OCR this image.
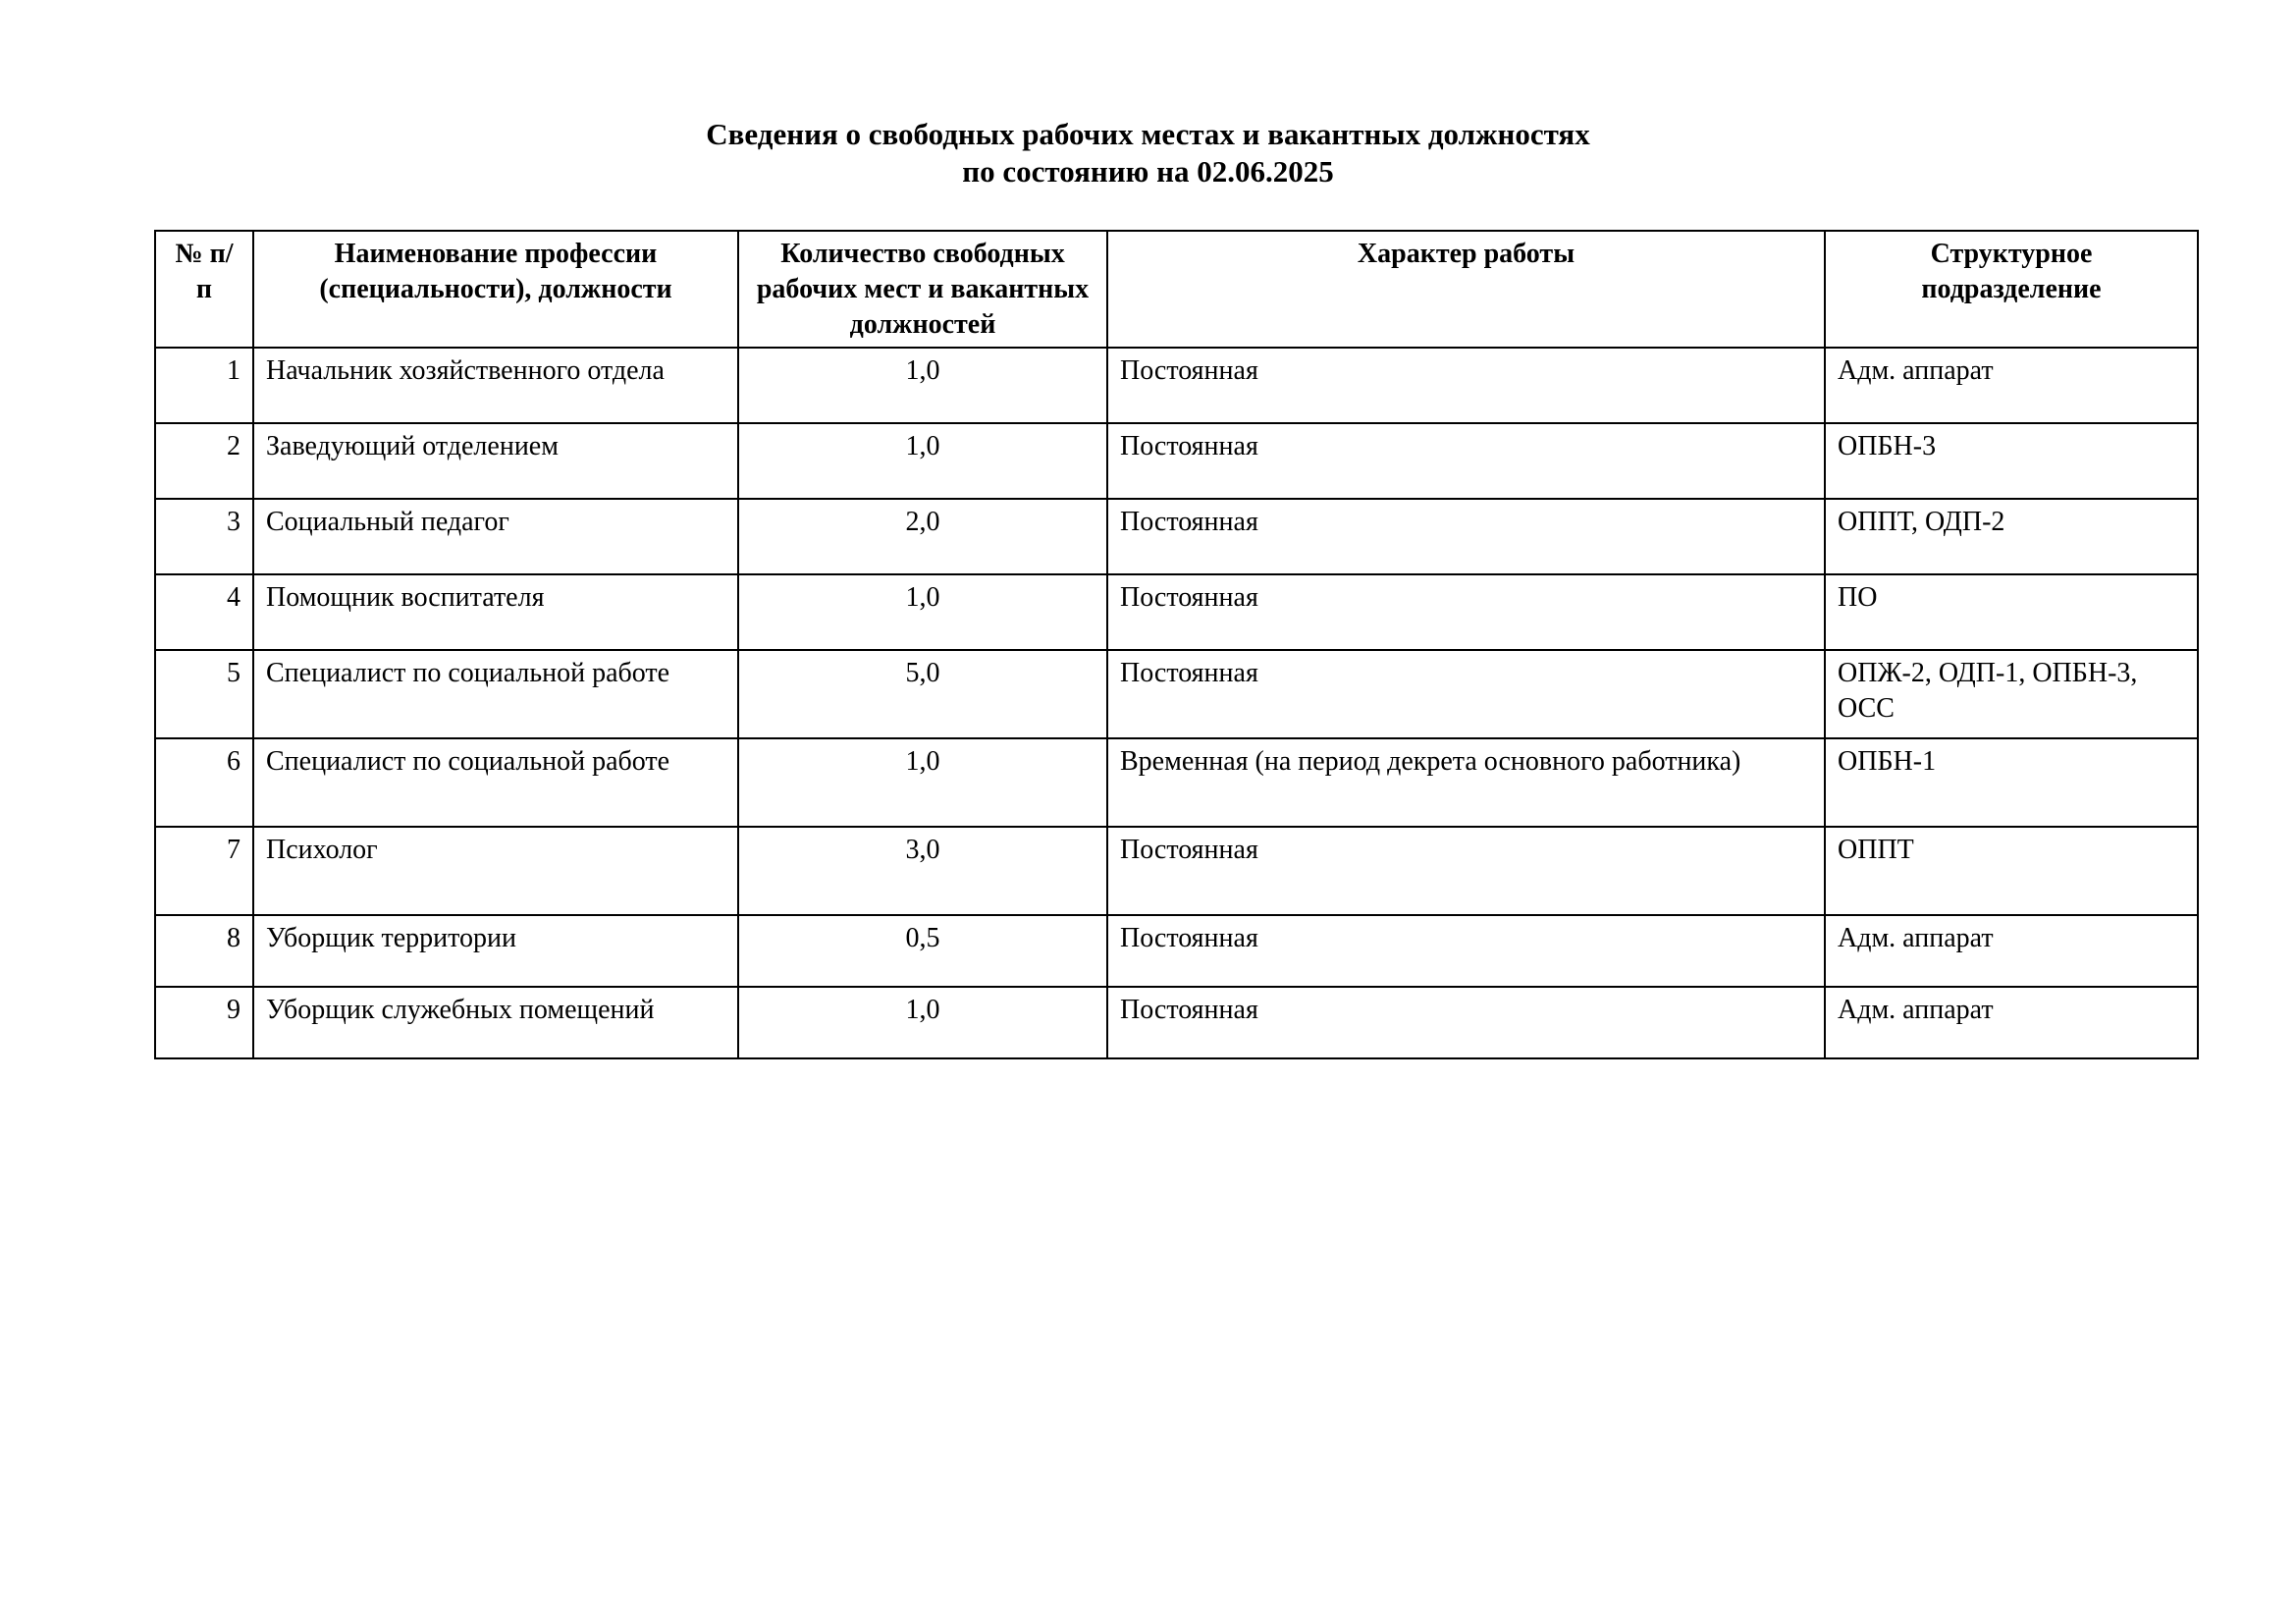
Сведения о свободных рабочих местах и вакантных должностях
по состоянию на 02.06.2025
№ п/п	Наименование профессии (специальности), должности	Количество свободных рабочих мест и вакантных должностей	Характер работы	Структурное подразделение
1	Начальник хозяйственного отдела	1,0	Постоянная	Адм. аппарат
2	Заведующий отделением	1,0	Постоянная	ОПБН-3
3	Социальный педагог	2,0	Постоянная	ОППТ, ОДП-2
4	Помощник воспитателя	1,0	Постоянная	ПО
5	Специалист по социальной работе	5,0	Постоянная	ОПЖ-2, ОДП-1, ОПБН-3, ОСС
6	Специалист по социальной работе	1,0	Временная (на период декрета основного работника)	ОПБН-1
7	Психолог	3,0	Постоянная	ОППТ
8	Уборщик территории	0,5	Постоянная	Адм. аппарат
9	Уборщик служебных помещений	1,0	Постоянная	Адм. аппарат
